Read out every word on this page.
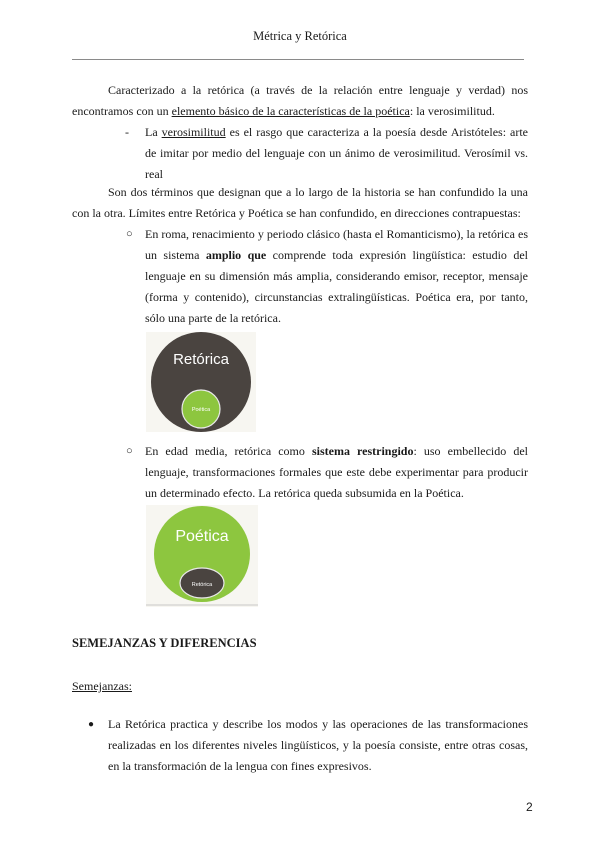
Métrica y Retórica

Caracterizado a la retórica (a través de la relación entre lenguaje y verdad) nos encontramos con un elemento básico de la características de la poética: la verosimilitud.

- La verosimilitud es el rasgo que caracteriza a la poesía desde Aristóteles: arte de imitar por medio del lenguaje con un ánimo de verosimilitud. Verosímil vs. real

Son dos términos que designan que a lo largo de la historia se han confundido la una con la otra. Límites entre Retórica y Poética se han confundido, en direcciones contrapuestas:

○ En roma, renacimiento y periodo clásico (hasta el Romanticismo), la retórica es un sistema amplio que comprende toda expresión lingüística: estudio del lenguaje en su dimensión más amplia, considerando emisor, receptor, mensaje (forma y contenido), circunstancias extralingüísticas. Poética era, por tanto, sólo una parte de la retórica.

Retórica
Poética
○ En edad media, retórica como sistema restringido: uso embellecido del lenguaje, transformaciones formales que este debe experimentar para producir un determinado efecto. La retórica queda subsumida en la Poética.

Poética
Retórica
SEMEJANZAS Y DIFERENCIAS
Semejanzas:
● La Retórica practica y describe los modos y las operaciones de las transformaciones realizadas en los diferentes niveles lingüísticos, y la poesía consiste, entre otras cosas, en la transformación de la lengua con fines expresivos.

2
